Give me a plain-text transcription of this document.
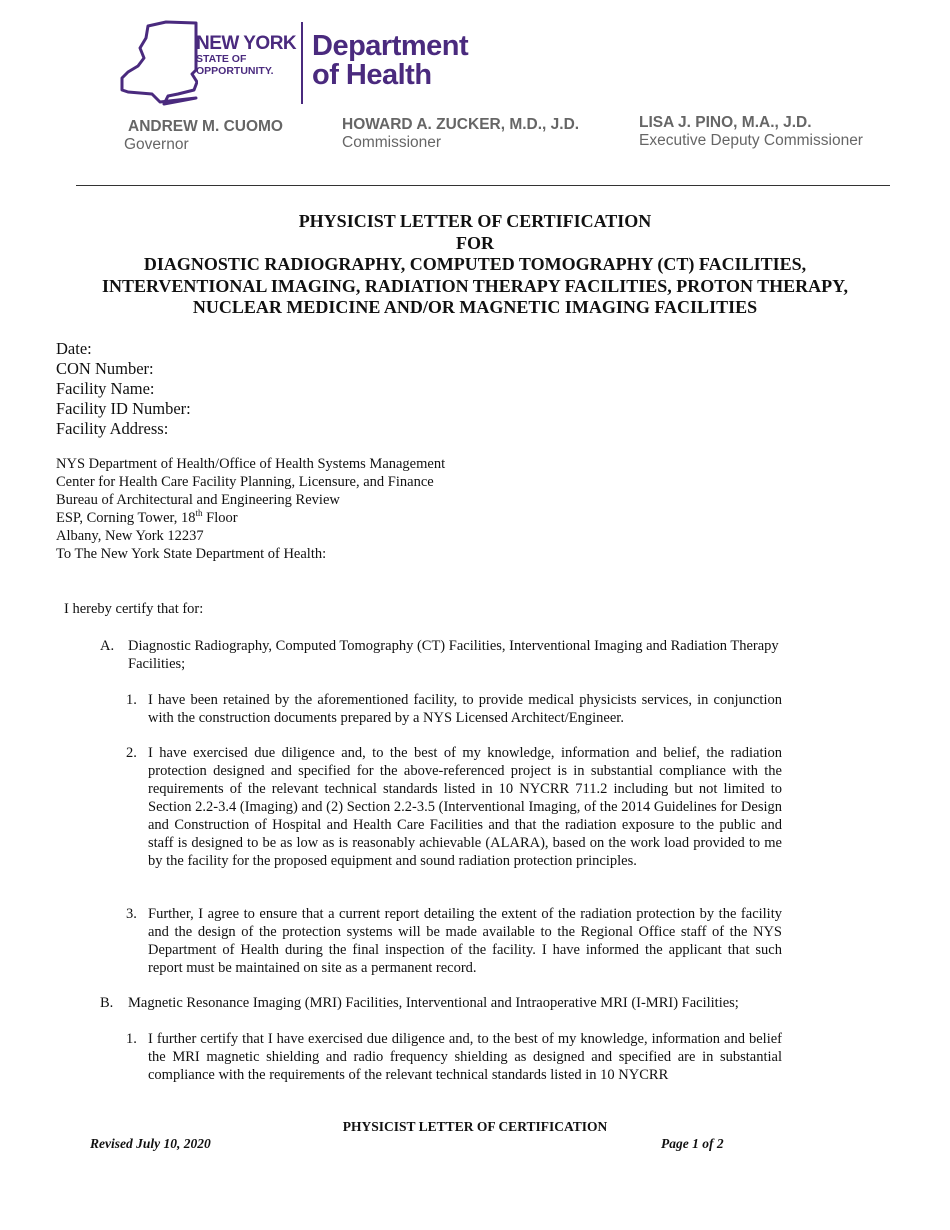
NEW YORK
STATE OF
OPPORTUNITY.
Department
of Health
ANDREW M. CUOMO
Governor
HOWARD A. ZUCKER, M.D., J.D.
Commissioner
LISA J. PINO, M.A., J.D.
Executive Deputy Commissioner
PHYSICIST LETTER OF CERTIFICATION
FOR
DIAGNOSTIC RADIOGRAPHY, COMPUTED TOMOGRAPHY (CT) FACILITIES,
INTERVENTIONAL IMAGING, RADIATION THERAPY FACILITIES, PROTON THERAPY,
NUCLEAR MEDICINE AND/OR MAGNETIC IMAGING FACILITIES
Date:
CON Number:
Facility Name:
Facility ID Number:
Facility Address:
NYS Department of Health/Office of Health Systems Management
Center for Health Care Facility Planning, Licensure, and Finance
Bureau of Architectural and Engineering Review
ESP, Corning Tower, 18th Floor
Albany, New York 12237
To The New York State Department of Health:
I hereby certify that for:
A. Diagnostic Radiography, Computed Tomography (CT) Facilities, Interventional Imaging and Radiation Therapy Facilities;
1. I have been retained by the aforementioned facility, to provide medical physicists services, in conjunction with the construction documents prepared by a NYS Licensed Architect/Engineer.
2. I have exercised due diligence and, to the best of my knowledge, information and belief, the radiation protection designed and specified for the above-referenced project is in substantial compliance with the requirements of the relevant technical standards listed in 10 NYCRR 711.2 including but not limited to Section 2.2-3.4 (Imaging) and (2) Section 2.2-3.5 (Interventional Imaging, of the 2014 Guidelines for Design and Construction of Hospital and Health Care Facilities and that the radiation exposure to the public and staff is designed to be as low as is reasonably achievable (ALARA), based on the work load provided to me by the facility for the proposed equipment and sound radiation protection principles.
3. Further, I agree to ensure that a current report detailing the extent of the radiation protection by the facility and the design of the protection systems will be made available to the Regional Office staff of the NYS Department of Health during the final inspection of the facility. I have informed the applicant that such report must be maintained on site as a permanent record.
B. Magnetic Resonance Imaging (MRI) Facilities, Interventional and Intraoperative MRI (I-MRI) Facilities;
1. I further certify that I have exercised due diligence and, to the best of my knowledge, information and belief the MRI magnetic shielding and radio frequency shielding as designed and specified are in substantial compliance with the requirements of the relevant technical standards listed in 10 NYCRR
PHYSICIST LETTER OF CERTIFICATION
Revised July 10, 2020	Page 1 of 2
